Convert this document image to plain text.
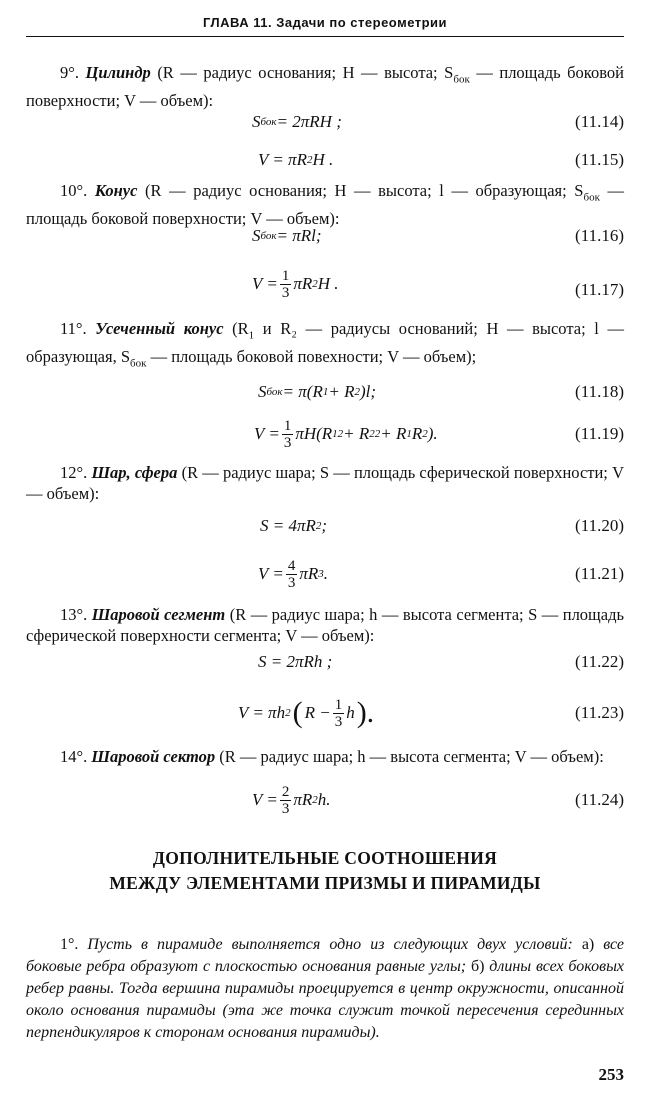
ГЛАВА 11. Задачи по стереометрии
9°. Цилиндр (R — радиус основания; H — высота; $S_{бок}$ — площадь боковой поверхности; V — объем):
S бок = 2πRH ;	(11.14)
V = πR 2 H .	(11.15)
10°. Конус (R — радиус основания; H — высота; l — образующая; $S_{бок}$ — площадь боковой поверхности; V — объем):
S бок = πRl;	(11.16)
$V = \frac{1}{3}$ πR 2 H .	(11.17)
11°. Усеченный конус ($R_1$ и R₂ — радиусы оснований; H — высота; l — образующая, $S_{бок}$ — площадь боковой повехности; V — объем);
S бок = π(R 1 + R 2 )l;	(11.18)
$V = \frac{1}{3} \pi H(R$ 1 2 + R 2 2 + R 1 R 2 ).	(11.19)
12°. Шар, сфера (R — радиус шара; S — площадь сферической поверхности; V — объем):
S = 4πR 2 ;	(11.20)
$V = \frac{4}{3}$ πR 3 .	(11.21)
13°. Шаровой сегмент (R — радиус шара; h — высота сегмента; S — площадь сферической поверхности сегмента; V — объем):
S = 2πRh ;	(11.22)
V = πh 2 ( $R - \frac{1}{3}$ h ).	(11.23)
14°. Шаровой сектор (R — радиус шара; h — высота сегмента; V — объем):
$V = \frac{2}{3}$ πR 2 h.	(11.24)
ДОПОЛНИТЕЛЬНЫЕ СООТНОШЕНИЯ
МЕЖДУ ЭЛЕМЕНТАМИ ПРИЗМЫ И ПИРАМИДЫ
1°. Пусть в пирамиде выполняется одно из следующих двух условий: а) все боковые ребра образуют с плоскостью основания равные углы; б) длины всех боковых ребер равны. Тогда вершина пирамиды проецируется в центр окружности, описанной около основания пирамиды (эта же точка служит точкой пересечения серединных перпендикуляров к сторонам основания пирамиды).
253
